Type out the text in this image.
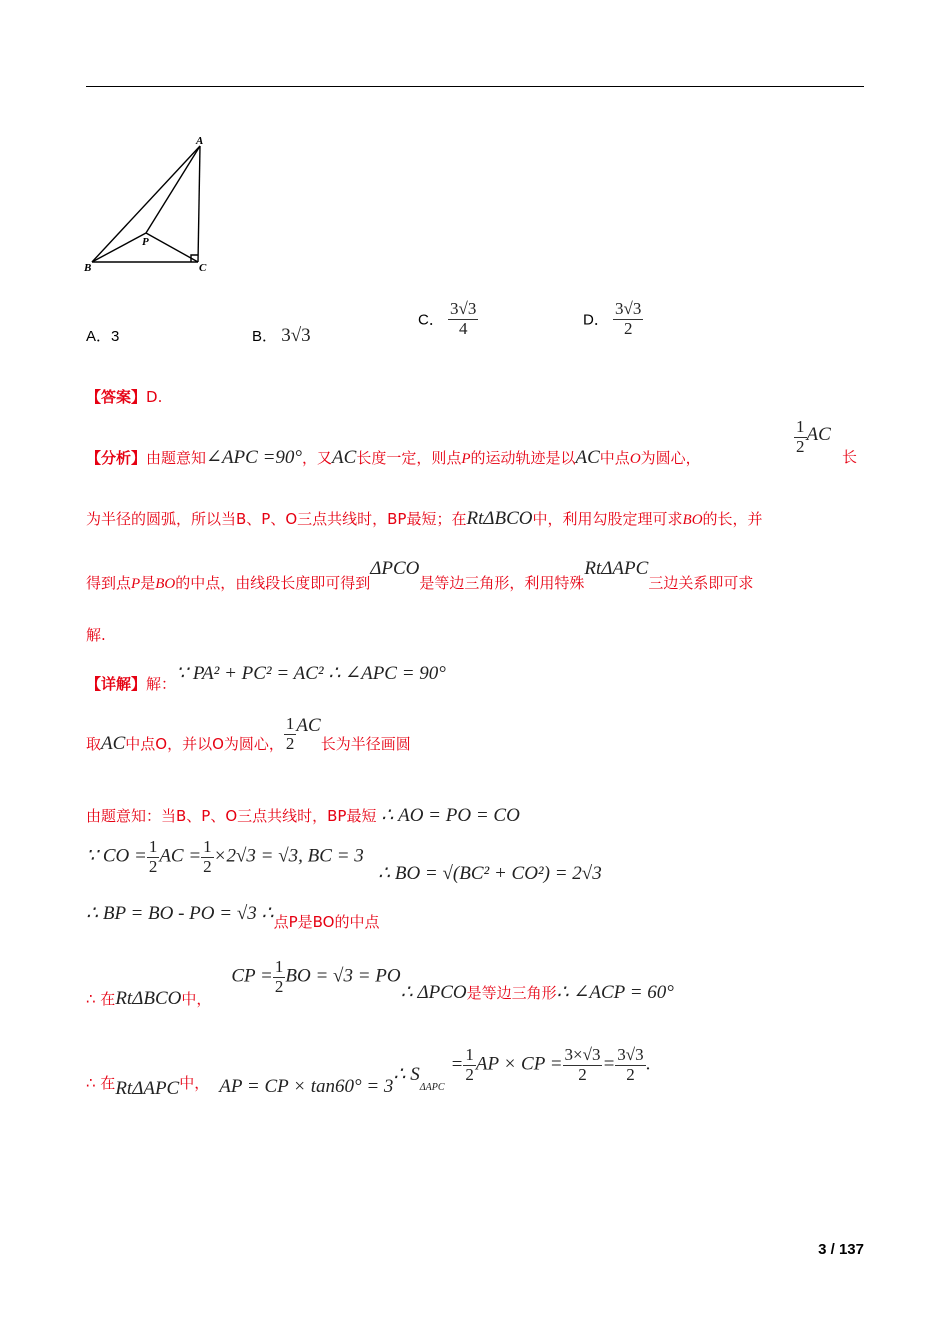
A
B	C
P
A．3	B． 3√3
C． $\frac{3√3}{4}$	D． $\frac{3√3}{2}$
【答案】D.
【分析】由题意知∠APC =90°，又AC长度一定，则点P的运动轨迹是以AC中点O为圆心，
$\frac{1}{2}$ AC
长
为半径的圆弧，所以当B、P、O三点共线时，BP最短；在RtΔBCO中，利用勾股定理可求BO的长，并
得到点P是BO的中点，由线段长度即可得到ΔPCO是等边三角形，利用特殊RtΔAPC三边关系即可求
解.
【详解】解：∵ PA² + PC² = AC² ∴ ∠APC = 90°
取AC中点O，并以O为圆心， $\frac{1}{2}$ AC长为半径画圆
由题意知：当B、P、O三点共线时，BP最短 ∴ AO = PO = CO
∵ CO = $\frac{1}{2}$ AC = $\frac{1}{2} \times 2√3 = √3$, BC = 3
∴ BO = √(BC² + CO²) = 2√3
∴ BP = BO - PO = √3 ∴点P是BO的中点
∴ 在RtΔBCO中，CP = $\frac{1}{2}$ BO = √3 = PO∴ ΔPCO是等边三角形∴ ∠ACP = 60°
∴ 在RtΔAPC中， AP = CP × tan60° = 3∴ $S_{\Delta APC}= \frac{1}{2}$ AP × CP = $\frac{3\times√3}{2} = \frac{3√3}{2}$ .
3 / 137
